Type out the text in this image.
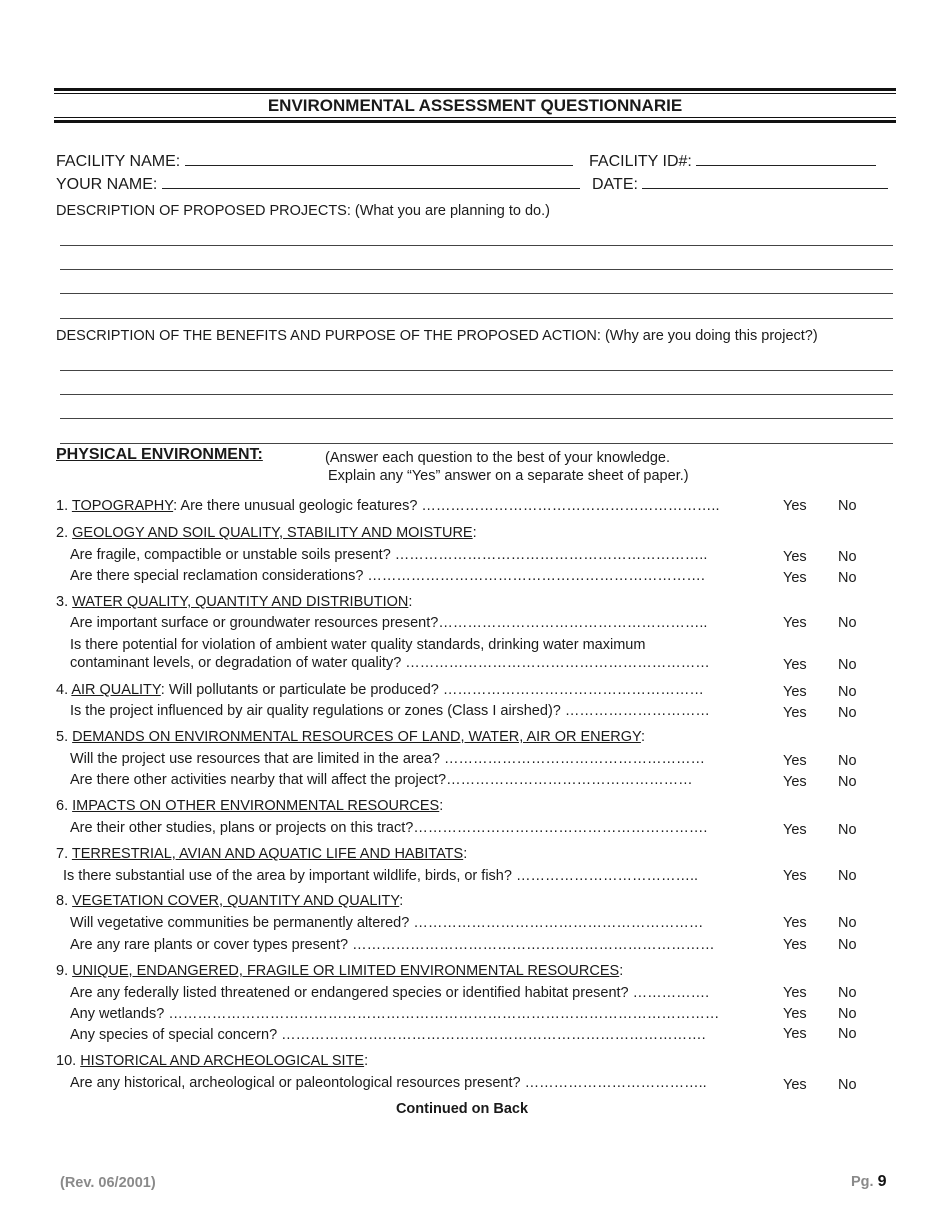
ENVIRONMENTAL ASSESSMENT QUESTIONNARIE
FACILITY NAME:	FACILITY ID#:
YOUR NAME:	DATE:
DESCRIPTION OF PROPOSED PROJECTS: (What you are planning to do.)
DESCRIPTION OF THE BENEFITS AND PURPOSE OF THE PROPOSED ACTION: (Why are you doing this project?)
PHYSICAL ENVIRONMENT:	(Answer each question to the best of your knowledge.
Explain any “Yes” answer on a separate sheet of paper.)
1. TOPOGRAPHY: Are there unusual geologic features? ……………………………………………………..	Yes No
2. GEOLOGY AND SOIL QUALITY, STABILITY AND MOISTURE:
Are fragile, compactible or unstable soils present? ………………………………………………………..	Yes No
Are there special reclamation considerations? …………………………………………………………….	Yes No
3. WATER QUALITY, QUANTITY AND DISTRIBUTION:
Are important surface or groundwater resources present?………………………………………………..	Yes No
Is there potential for violation of ambient water quality standards, drinking water maximum
contaminant levels, or degradation of water quality? ………………………………………………………	Yes No
4. AIR QUALITY: Will pollutants or particulate be produced? ………………………………………………	Yes No
Is the project influenced by air quality regulations or zones (Class I airshed)? …………………………	Yes No
5. DEMANDS ON ENVIRONMENTAL RESOURCES OF LAND, WATER, AIR OR ENERGY:
Will the project use resources that are limited in the area? ………………………………………………	Yes No
Are there other activities nearby that will affect the project?……………………………………………	Yes No
6. IMPACTS ON OTHER ENVIRONMENTAL RESOURCES:
Are their other studies, plans or projects on this tract?…………………………………………………….	Yes No
7. TERRESTRIAL, AVIAN AND AQUATIC LIFE AND HABITATS:
Is there substantial use of the area by important wildlife, birds, or fish? ………………………………..	Yes No
8. VEGETATION COVER, QUANTITY AND QUALITY:
Will vegetative communities be permanently altered? ……………………………………………………	Yes No
Are any rare plants or cover types present? …………………………………………………………………	Yes No
9. UNIQUE, ENDANGERED, FRAGILE OR LIMITED ENVIRONMENTAL RESOURCES:
Are any federally listed threatened or endangered species or identified habitat present? …………….	Yes No
Any wetlands? ……………………………………………………………………………………………………	Yes No
Any species of special concern? …………………………………………………………………………….	Yes No
10. HISTORICAL AND ARCHEOLOGICAL SITE:
Are any historical, archeological or paleontological resources present? ………………………………..	Yes No
Continued on Back
(Rev. 06/2001)	Pg. 9
